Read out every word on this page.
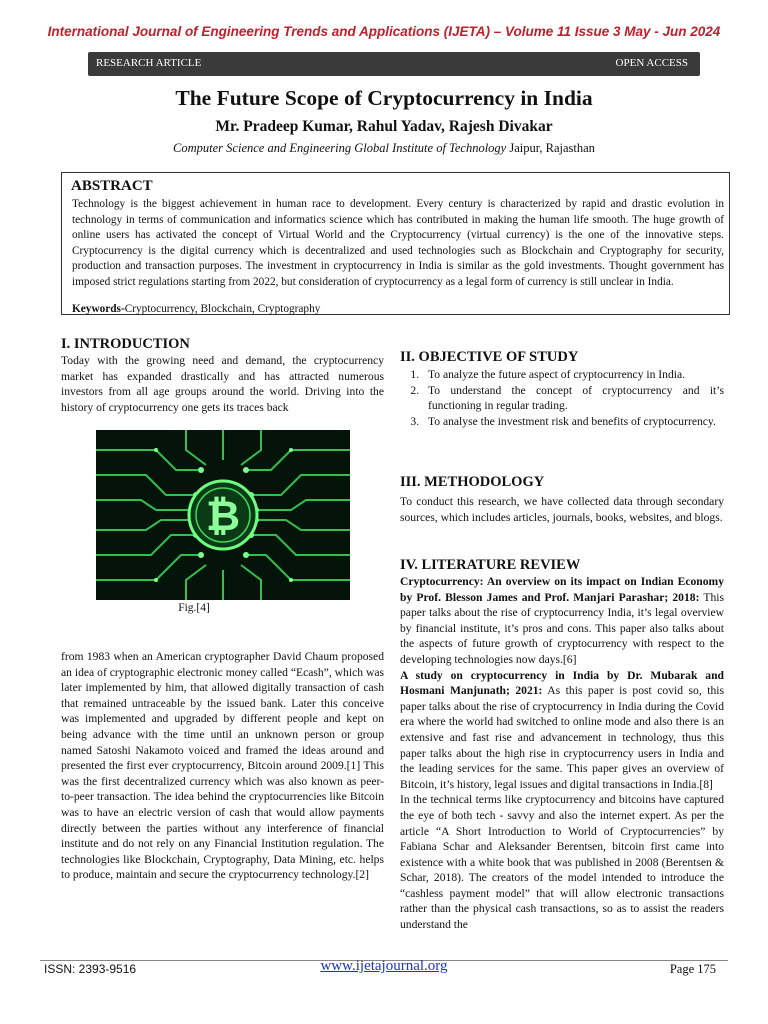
International Journal of Engineering Trends and Applications (IJETA) – Volume 11 Issue 3 May - Jun 2024
RESEARCH ARTICLE	OPEN ACCESS
The Future Scope of Cryptocurrency in India
Mr. Pradeep Kumar, Rahul Yadav, Rajesh Divakar
Computer Science and Engineering Global Institute of Technology Jaipur, Rajasthan
ABSTRACT
Technology is the biggest achievement in human race to development. Every century is characterized by rapid and drastic evolution in technology in terms of communication and informatics science which has contributed in making the human life smooth. The huge growth of online users has activated the concept of Virtual World and the Cryptocurrency (virtual currency) is the one of the innovative steps. Cryptocurrency is the digital currency which is decentralized and used technologies such as Blockchain and Cryptography for security, production and transaction purposes. The investment in cryptocurrency in India is similar as the gold investments. Thought government has imposed strict regulations starting from 2022, but consideration of cryptocurrency as a legal form of currency is still unclear in India.
Keywords-Cryptocurrency, Blockchain, Cryptography
I. INTRODUCTION
Today with the growing need and demand, the cryptocurrency market has expanded drastically and has attracted numerous investors from all age groups around the world. Driving into the history of cryptocurrency one gets its traces back
₿
Fig.[4]
from 1983 when an American cryptographer David Chaum proposed an idea of cryptographic electronic money called “Ecash”, which was later implemented by him, that allowed digitally transaction of cash that remained untraceable by the issued bank. Later this conceive was implemented and upgraded by different people and kept on being advance with the time until an unknown person or group named Satoshi Nakamoto voiced and framed the ideas around and presented the first ever cryptocurrency, Bitcoin around 2009.[1] This was the first decentralized currency which was also known as peer-to-peer transaction. The idea behind the cryptocurrencies like Bitcoin was to have an electric version of cash that would allow payments directly between the parties without any interference of financial institute and do not rely on any Financial Institution regulation. The technologies like Blockchain, Cryptography, Data Mining, etc. helps to produce, maintain and secure the cryptocurrency technology.[2]
II. OBJECTIVE OF STUDY
1. To analyze the future aspect of cryptocurrency in India.
2. To understand the concept of cryptocurrency and it’s functioning in regular trading.
3. To analyse the investment risk and benefits of cryptocurrency.
III. METHODOLOGY
To conduct this research, we have collected data through secondary sources, which includes articles, journals, books, websites, and blogs.
IV. LITERATURE REVIEW
Cryptocurrency: An overview on its impact on Indian Economy by Prof. Blesson James and Prof. Manjari Parashar; 2018: This paper talks about the rise of cryptocurrency India, it’s legal overview by financial institute, it’s pros and cons. This paper also talks about the aspects of future growth of cryptocurrency with respect to the developing technologies now days.[6]
A study on cryptocurrency in India by Dr. Mubarak and Hosmani Manjunath; 2021: As this paper is post covid so, this paper talks about the rise of cryptocurrency in India during the Covid era where the world had switched to online mode and also there is an extensive and fast rise and advancement in technology, thus this paper talks about the high rise in cryptocurrency users in India and the leading services for the same. This paper gives an overview of Bitcoin, it’s history, legal issues and digital transactions in India.[8]
In the technical terms like cryptocurrency and bitcoins have captured the eye of both tech - savvy and also the internet expert. As per the article “A Short Introduction to World of Cryptocurrencies” by Fabiana Schar and Aleksander Berentsen, bitcoin first came into existence with a white book that was published in 2008 (Berentsen & Schar, 2018). The creators of the model intended to introduce the “cashless payment model” that will allow electronic transactions rather than the physical cash transactions, so as to assist the readers understand the
ISSN: 2393-9516	www.ijetajournal.org	Page 175
